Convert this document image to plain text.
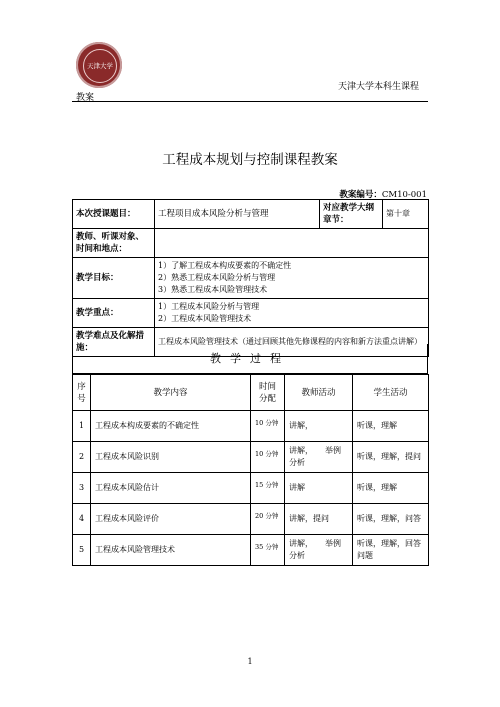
天津大学
教案
天津大学本科生课程
工程成本规划与控制课程教案
教案编号：CM10-001
本次授课题目：	工程项目成本风险分析与管理	对应教学大纲章节：	第十章
教师、听课对象、时间和地点：			
教学目标：	1）了解工程成本构成要素的不确定性
2）熟悉工程成本风险分析与管理
3）熟悉工程成本风险管理技术		

教学重点：	1）工程成本风险分析与管理
2）工程成本风险管理技术		

教学难点及化解措施：	工程成本风险管理技术（通过回顾其他先修课程的内容和新方法重点讲解）		
教学过程
序号	教学内容	时间分配	教师活动	学生活动
1	工程成本构成要素的不确定性	10 分钟	讲解，	听课，理解
2	工程成本风险识别	10 分钟	讲解，　　举例分析	听课，理解，提问
3	工程成本风险估计	15 分钟	讲解	听课，理解
4	工程成本风险评价	20 分钟	讲解，提问	听课，理解，问答
5	工程成本风险管理技术	35 分钟	讲解，　　举例分析	听课，理解，回答问题
1
